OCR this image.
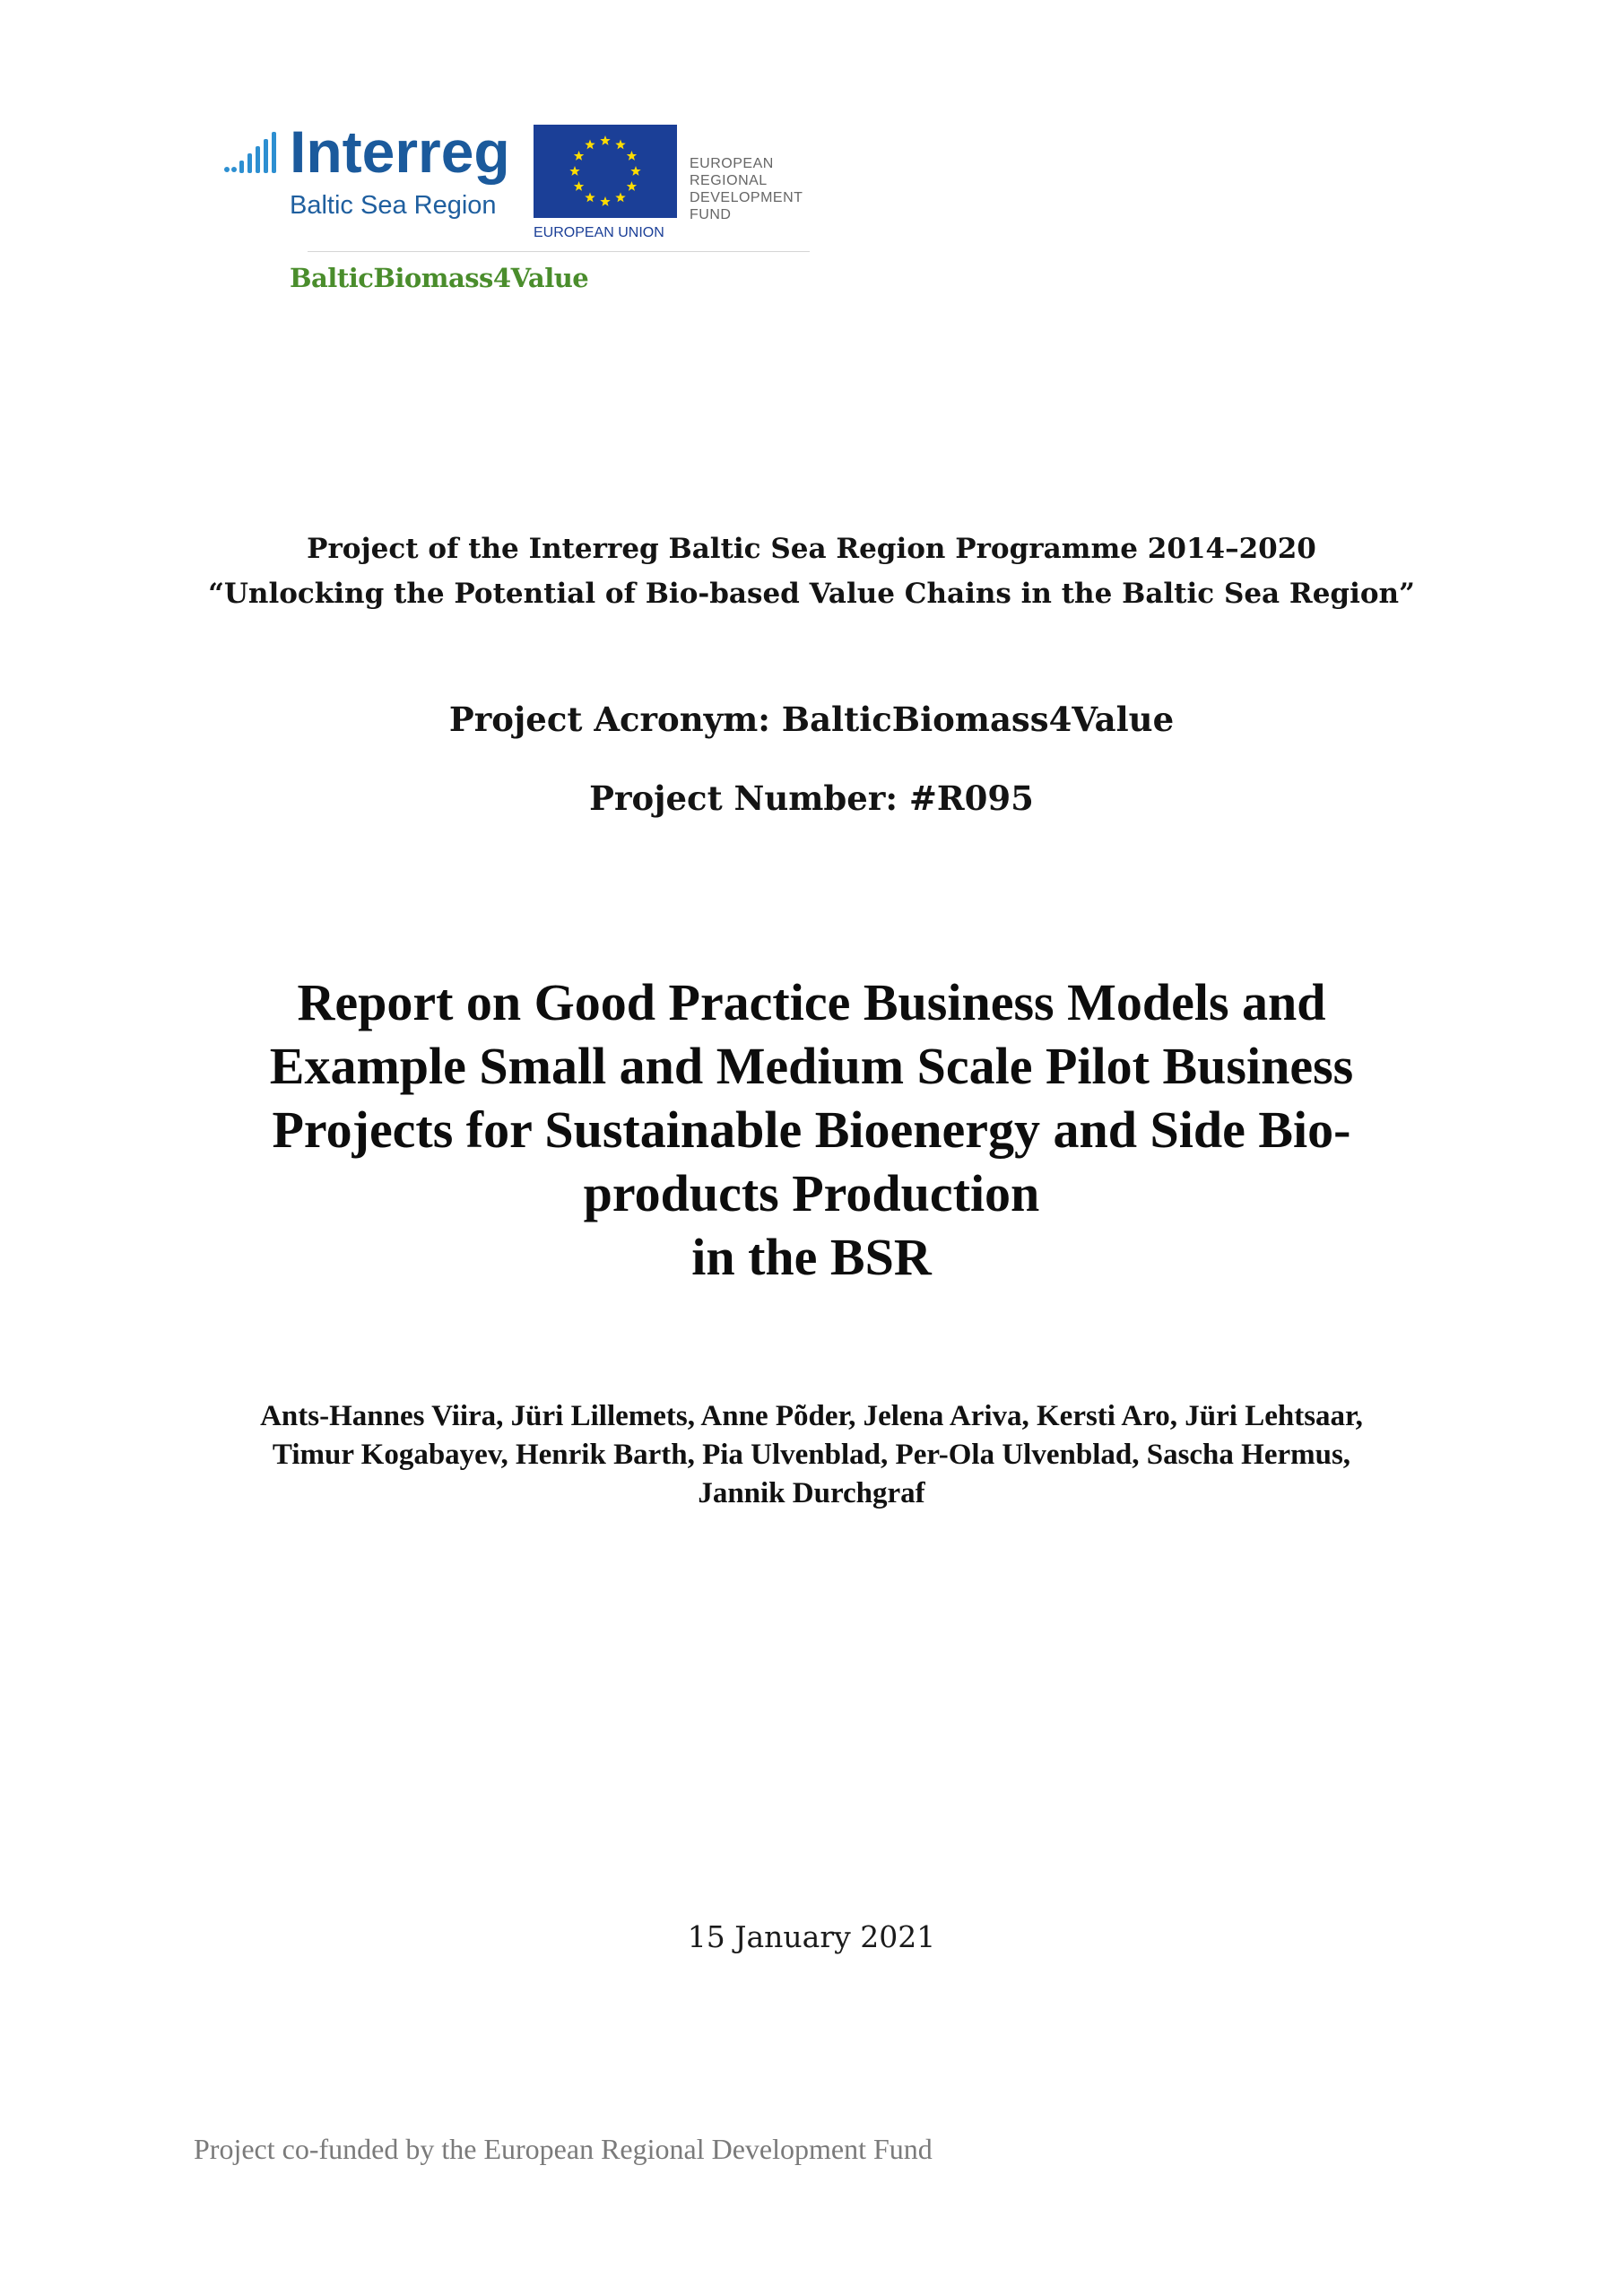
Interreg
Baltic Sea Region
EUROPEAN UNION
EUROPEAN
REGIONAL
DEVELOPMENT
FUND
BalticBiomass4Value
Project of the Interreg Baltic Sea Region Programme 2014–2020
“Unlocking the Potential of Bio-based Value Chains in the Baltic Sea Region”
Project Acronym: BalticBiomass4Value
Project Number: #R095
Report on Good Practice Business Models and
Example Small and Medium Scale Pilot Business
Projects for Sustainable Bioenergy and Side Bio-
products Production
in the BSR
Ants-Hannes Viira, Jüri Lillemets, Anne Põder, Jelena Ariva, Kersti Aro, Jüri Lehtsaar,
Timur Kogabayev, Henrik Barth, Pia Ulvenblad, Per-Ola Ulvenblad, Sascha Hermus,
Jannik Durchgraf
15 January 2021
Project co-funded by the European Regional Development Fund
